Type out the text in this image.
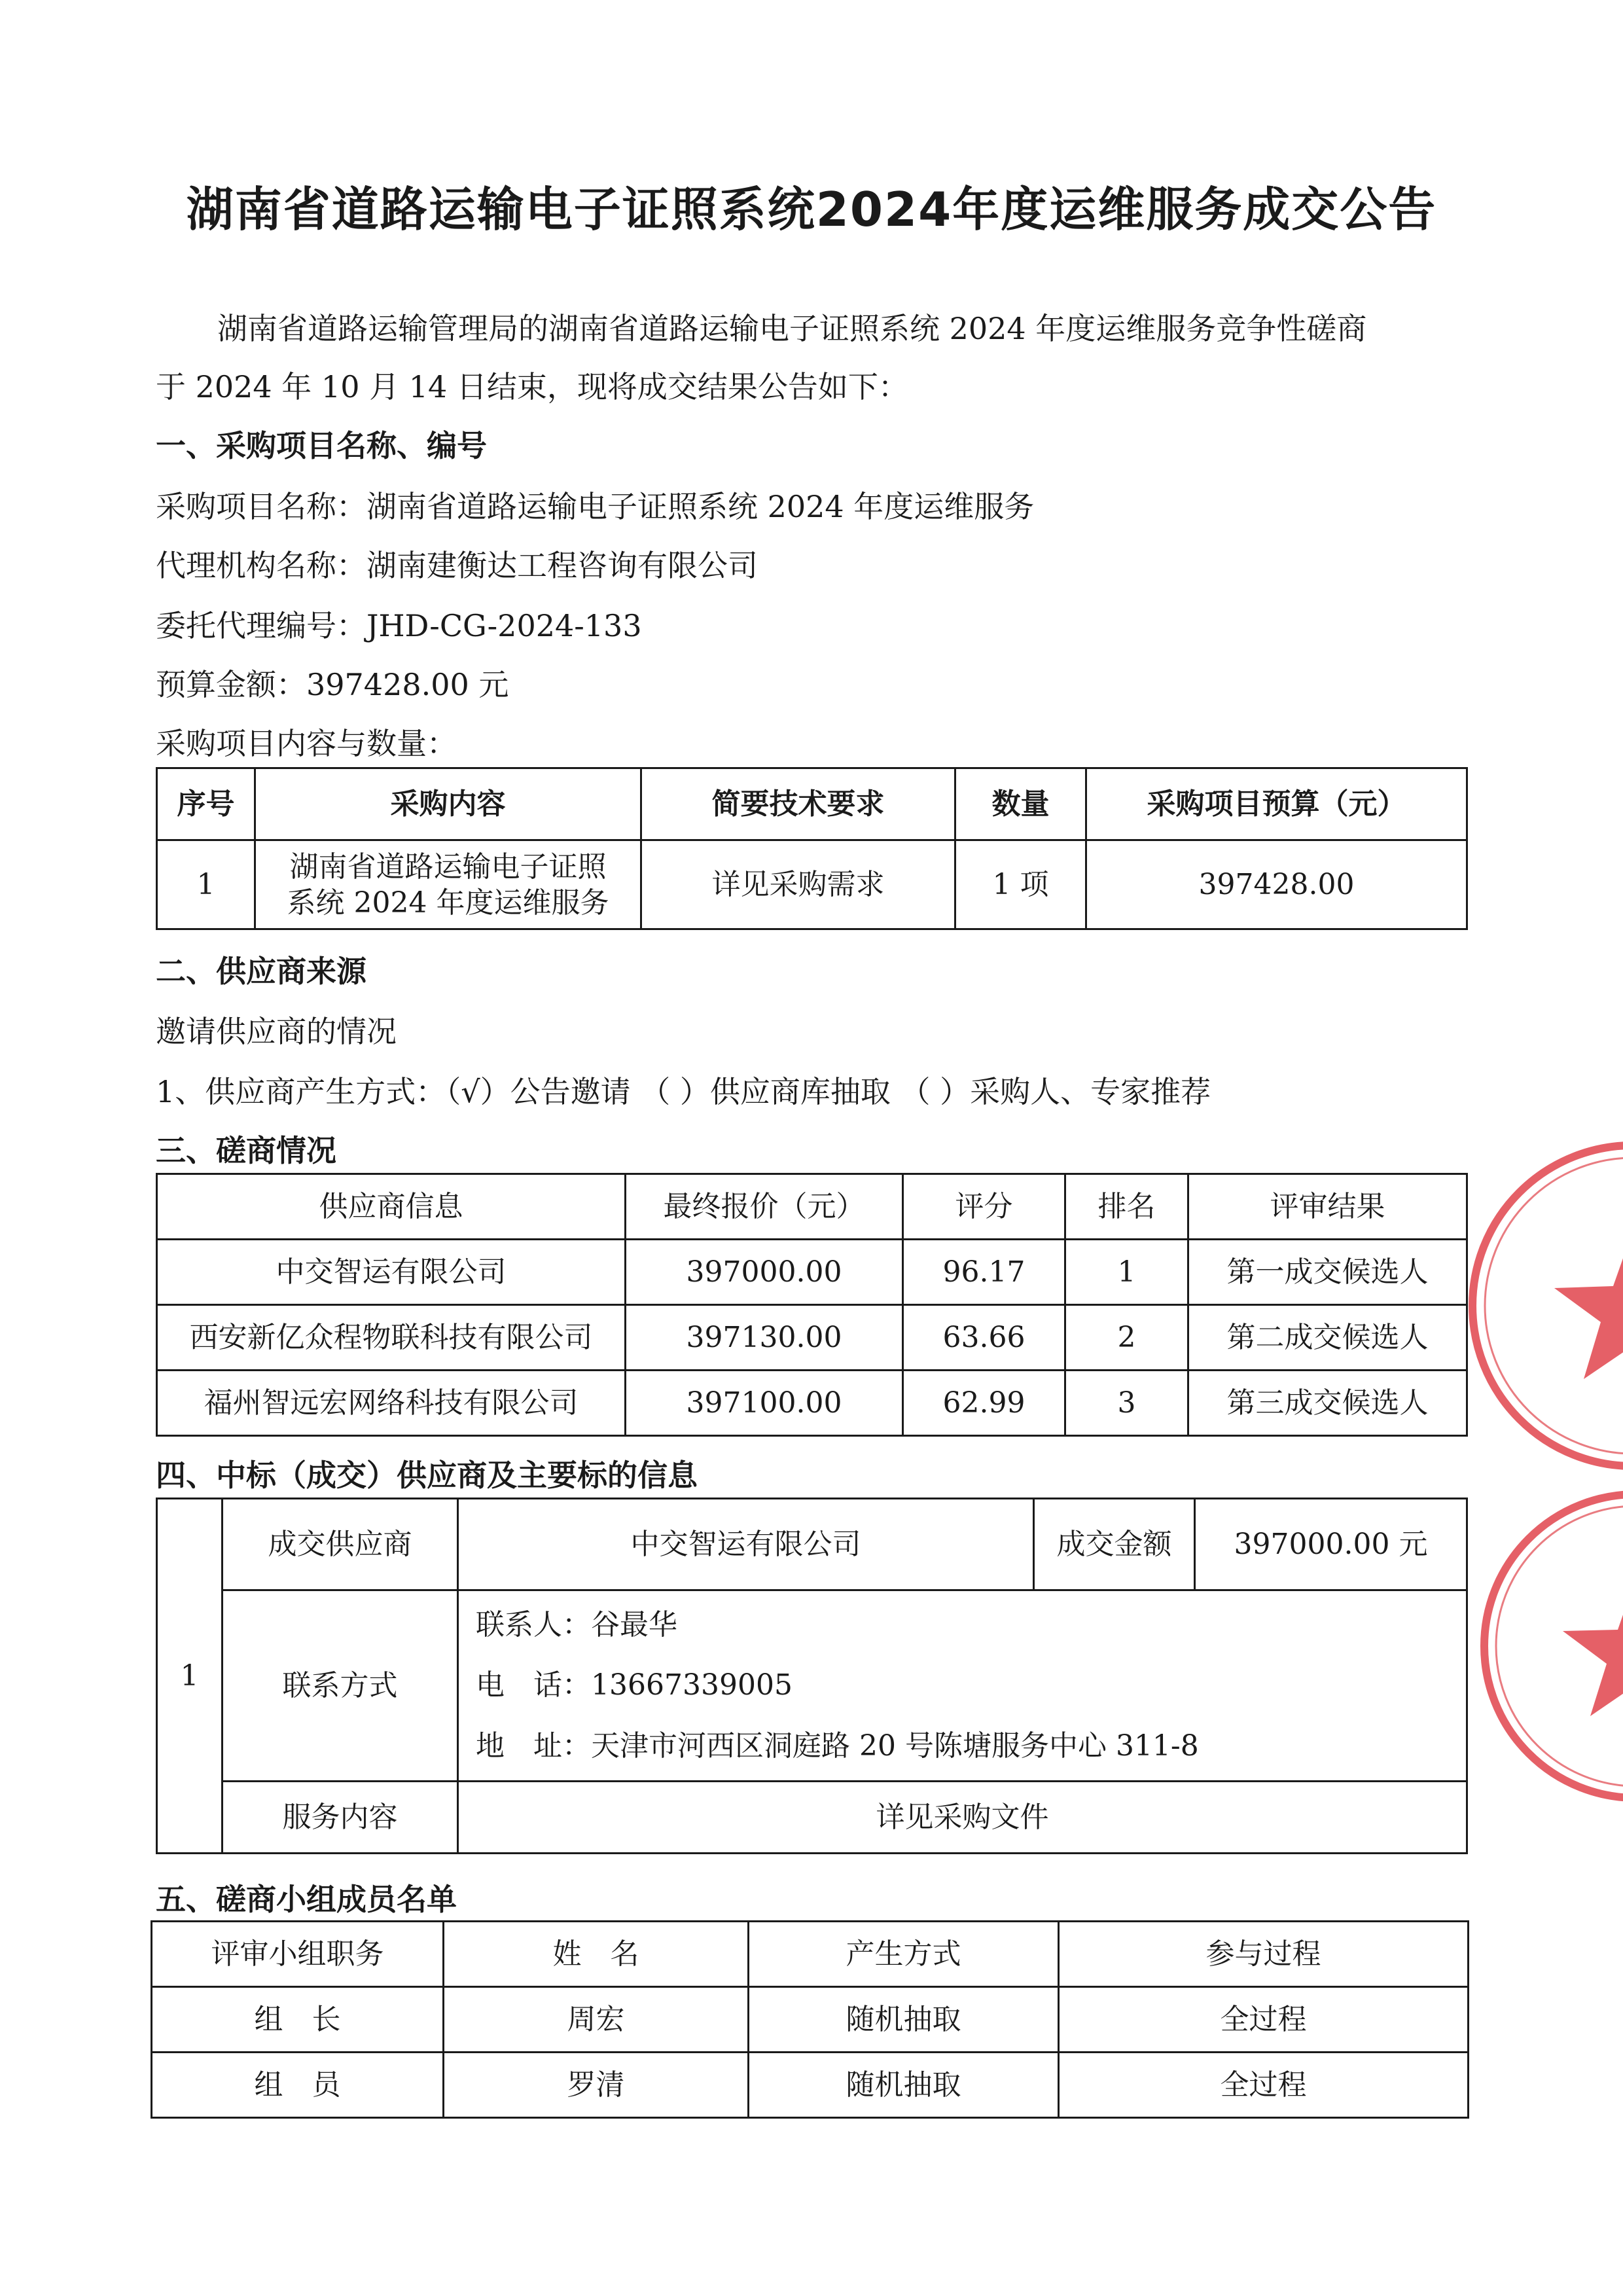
湖南省道路运输电子证照系统2024年度运维服务成交公告
湖南省道路运输管理局的湖南省道路运输电子证照系统 2024 年度运维服务竞争性磋商
于 2024 年 10 月 14 日结束，现将成交结果公告如下：
一、采购项目名称、编号
采购项目名称：湖南省道路运输电子证照系统 2024 年度运维服务
代理机构名称：湖南建衡达工程咨询有限公司
委托代理编号：JHD-CG-2024-133
预算金额：397428.00 元
采购项目内容与数量：
序号	采购内容	简要技术要求	数量	采购项目预算（元）
1	湖南省道路运输电子证照
系统 2024 年度运维服务	详见采购需求	1 项	397428.00
二、供应商来源
邀请供应商的情况
1、供应商产生方式：（√）公告邀请 （ ）供应商库抽取 （ ）采购人、专家推荐
三、磋商情况
供应商信息	最终报价（元）	评分	排名	评审结果
中交智运有限公司	397000.00	96.17	1	第一成交候选人
西安新亿众程物联科技有限公司	397130.00	63.66	2	第二成交候选人
福州智远宏网络科技有限公司	397100.00	62.99	3	第三成交候选人
四、中标（成交）供应商及主要标的信息
1	成交供应商	中交智运有限公司	成交金额	397000.00 元
	联系方式	联系人：谷最华
电　话：13667339005
地　址：天津市河西区洞庭路 20 号陈塘服务中心 311-8		

	服务内容	详见采购文件		
五、磋商小组成员名单
评审小组职务	姓　名	产生方式	参与过程
组　长	周宏	随机抽取	全过程
组　员	罗清	随机抽取	全过程
